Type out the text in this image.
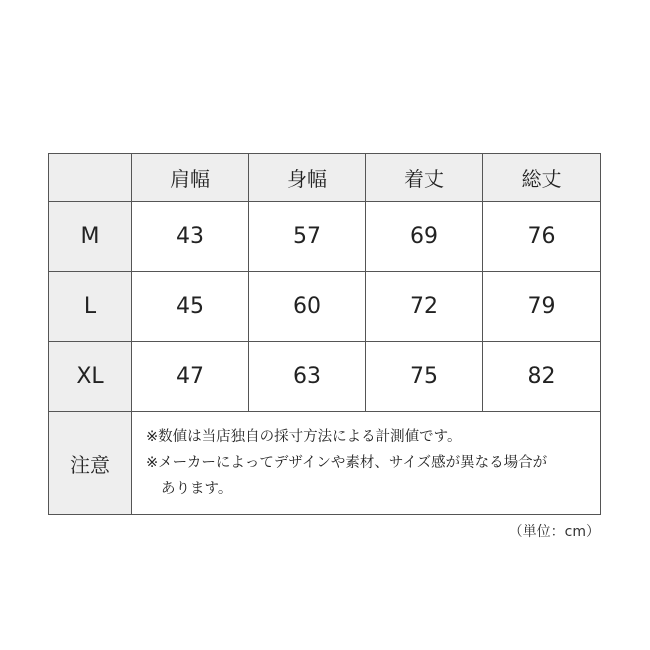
	肩幅	身幅	着丈	総丈
M	43	57	69	76
L	45	60	72	79
XL	47	63	75	82
注意	※数値は当店独自の採寸方法による計測値です。
※メーカーによってデザインや素材、サイズ感が異なる場合が
あります。			
（単位：cm）
